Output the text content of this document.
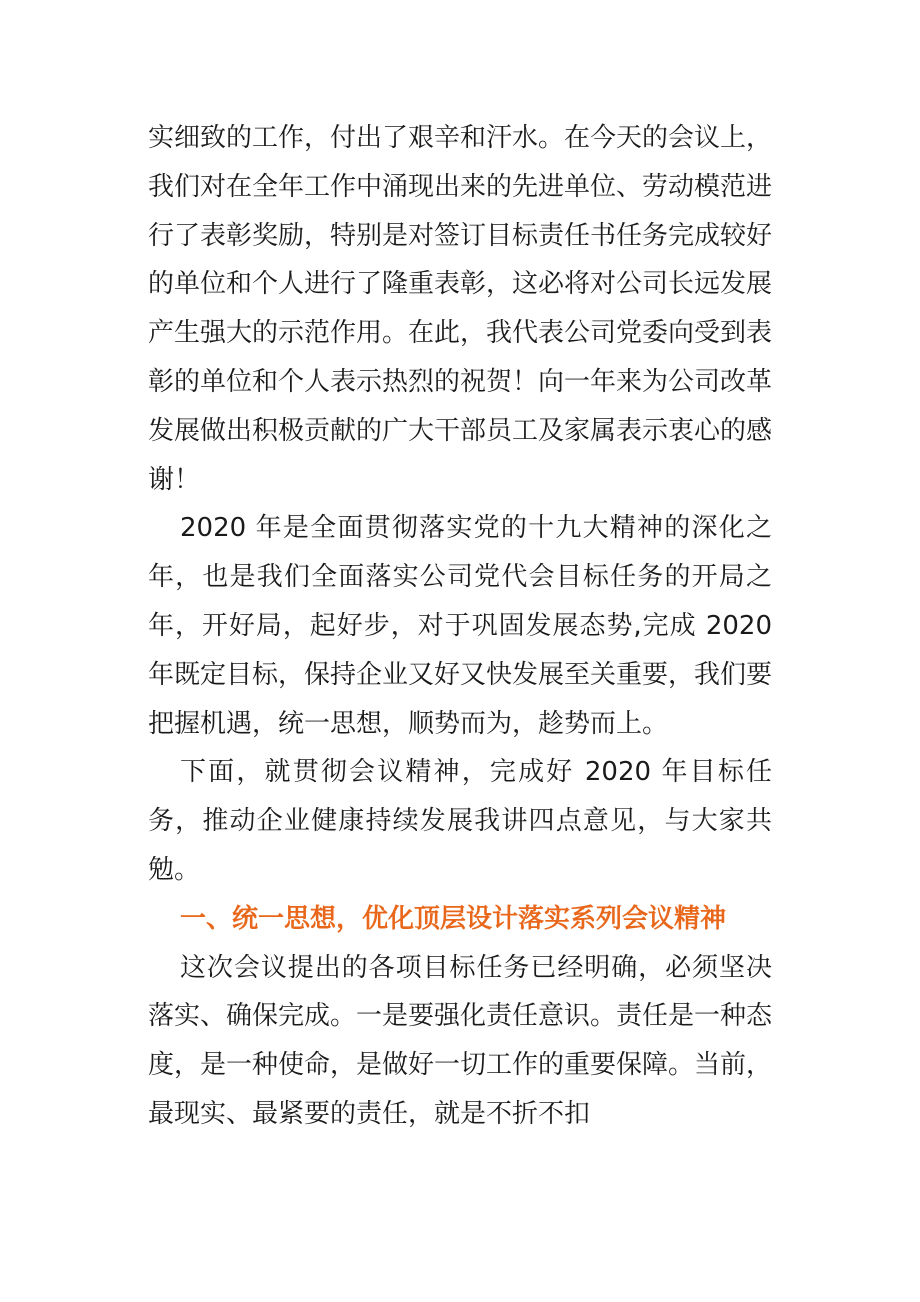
实细致的工作，付出了艰辛和汗水。在今天的会议上，我们对在全年工作中涌现出来的先进单位、劳动模范进行了表彰奖励，特别是对签订目标责任书任务完成较好的单位和个人进行了隆重表彰，这必将对公司长远发展产生强大的示范作用。在此，我代表公司党委向受到表彰的单位和个人表示热烈的祝贺！向一年来为公司改革发展做出积极贡献的广大干部员工及家属表示衷心的感谢！

2020 年是全面贯彻落实党的十九大精神的深化之年，也是我们全面落实公司党代会目标任务的开局之年，开好局，起好步，对于巩固发展态势,完成 2020 年既定目标，保持企业又好又快发展至关重要，我们要把握机遇，统一思想，顺势而为，趁势而上。

下面，就贯彻会议精神，完成好 2020 年目标任务，推动企业健康持续发展我讲四点意见，与大家共勉。

一、统一思想，优化顶层设计落实系列会议精神

这次会议提出的各项目标任务已经明确，必须坚决落实、确保完成。一是要强化责任意识。责任是一种态度，是一种使命，是做好一切工作的重要保障。当前，最现实、最紧要的责任，就是不折不扣
